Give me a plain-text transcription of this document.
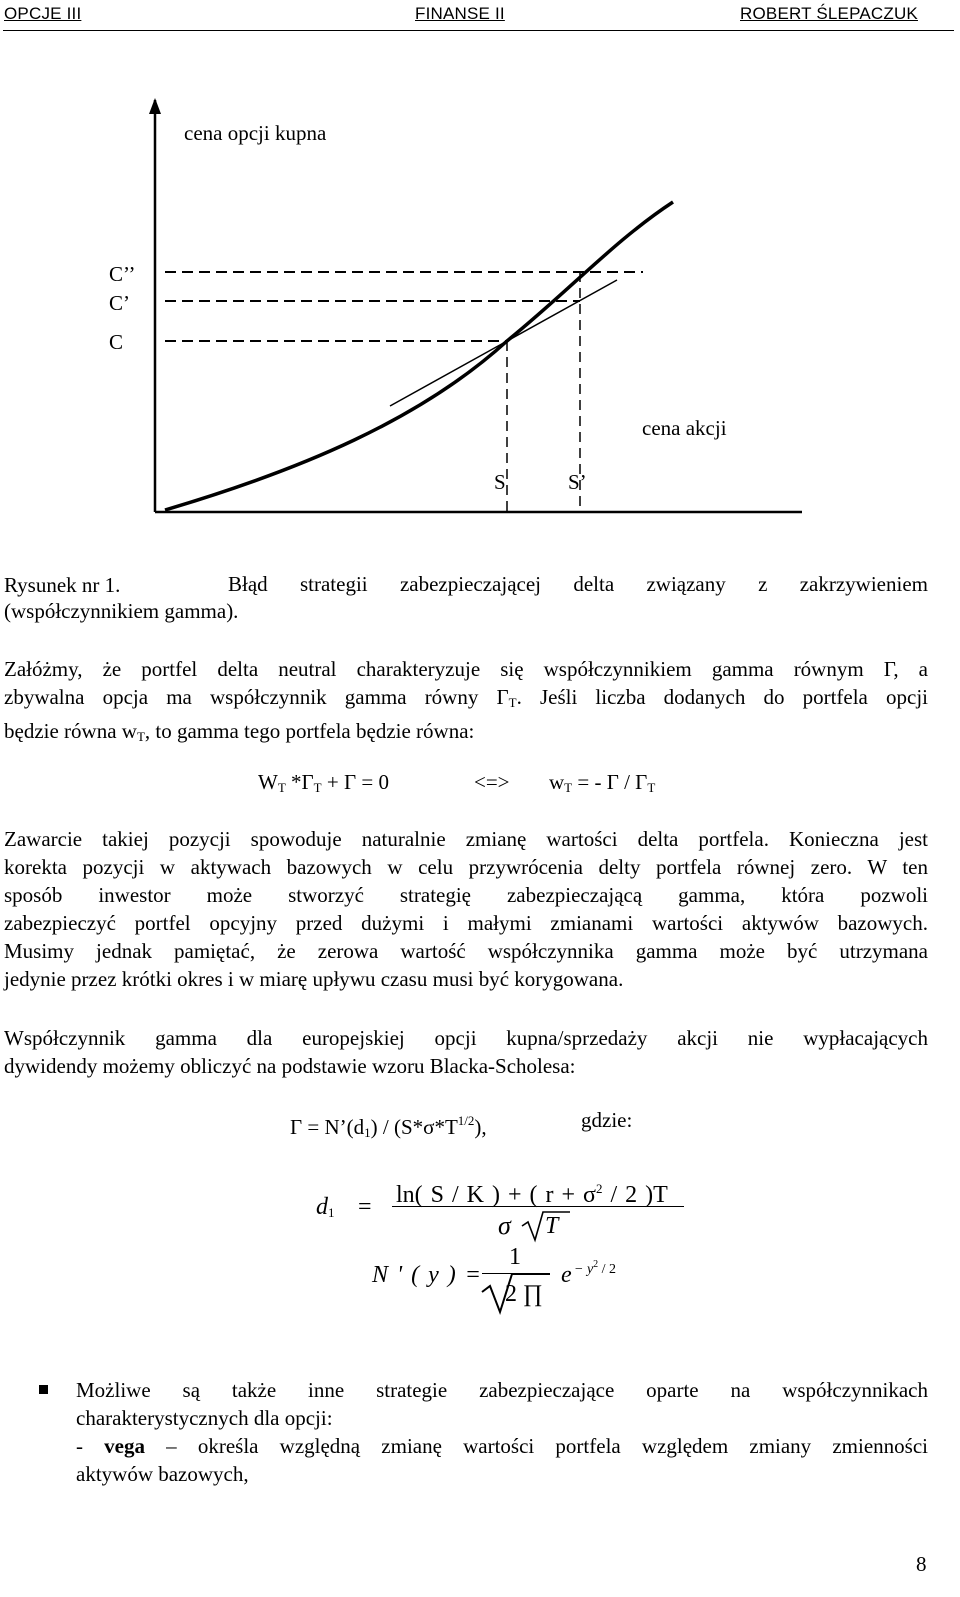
OPCJE III	FINANSE II	ROBERT ŚLEPACZUK
cena opcji kupna
C’’
C’
C
cena akcji
S	S’
Rysunek nr 1.	Błąd strategii zabezpieczającej delta związany z zakrzywieniem
(współczynnikiem gamma).
Załóżmy, że portfel delta neutral charakteryzuje się współczynnikiem gamma równym Γ, a
zbywalna opcja ma współczynnik gamma równy $\Gamma_T$. Jeśli liczba dodanych do portfela opcji
będzie równa $w_T$, to gamma tego portfela będzie równa:
$W_T$ $*\Gamma_T + \Gamma = 0$	<=> $w_T$ = - Γ / $\Gamma_T$
Zawarcie takiej pozycji spowoduje naturalnie zmianę wartości delta portfela. Konieczna jest
korekta pozycji w aktywach bazowych w celu przywrócenia delty portfela równej zero. W ten
sposób inwestor może stworzyć strategię zabezpieczającą gamma, która pozwoli
zabezpieczyć portfel opcyjny przed dużymi i małymi zmianami wartości aktywów bazowych.
Musimy jednak pamiętać, że zerowa wartość współczynnika gamma może być utrzymana
jedynie przez krótki okres i w miarę upływu czasu musi być korygowana.
Współczynnik gamma dla europejskiej opcji kupna/sprzedaży akcji nie wypłacających
dywidendy możemy obliczyć na podstawie wzoru Blacka-Scholesa:
$\Gamma = N’(d_1) / (S*\sigma*T^{1/2})$,	gdzie:
$d_1 = \ln$( S / K ) + ( $r + \sigma^2 / 2$ )T
σ T
N ' ( y ) =
1
2 ∏
$e - y^2 / 2$
Możliwe są także inne strategie zabezpieczające oparte na współczynnikach
charakterystycznych dla opcji:
- vega – określa względną zmianę wartości portfela względem zmiany zmienności
aktywów bazowych,
8
